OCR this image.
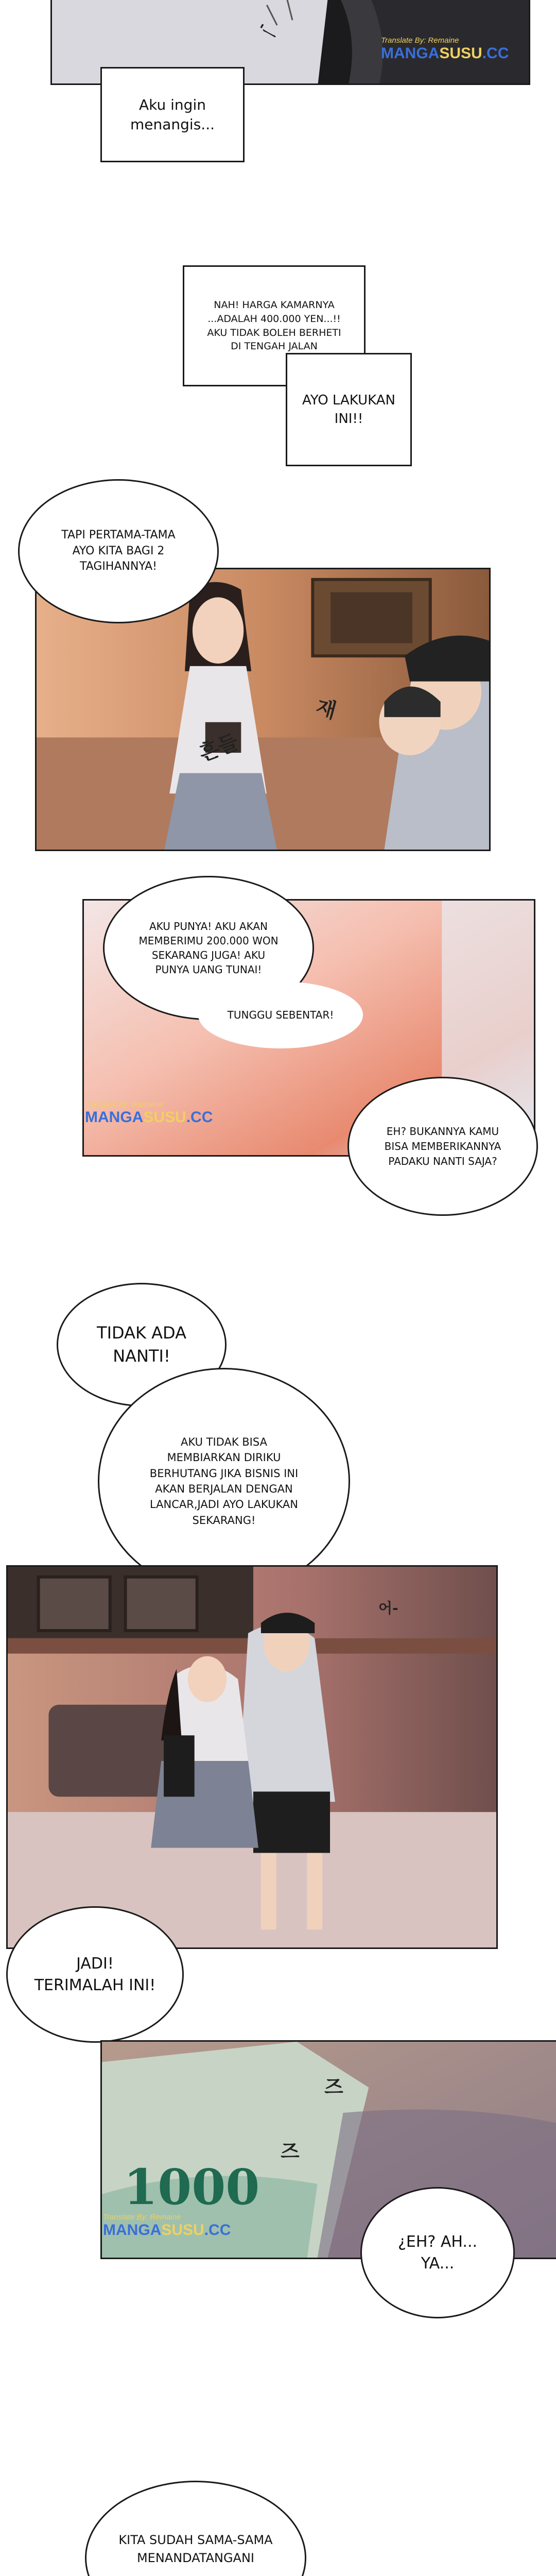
'ㅡ	Translate By: Remaine
MANGASUSU.CC
Aku ingin
menangis...
NAH! HARGA KAMARNYA
...ADALAH 400.000 YEN...!!
AKU TIDAK BOLEH BERHETI
DI TENGAH JALAN
AYO LAKUKAN
INI!!
흔들
재
TAPI PERTAMA-TAMA
AYO KITA BAGI 2
TAGIHANNYA!
AKU PUNYA! AKU AKAN
MEMBERIMU 200.000 WON
SEKARANG JUGA! AKU
PUNYA UANG TUNAI!
TUNGGU SEBENTAR!
Translate By: Remaine
MANGASUSU.CC
EH? BUKANNYA KAMU
BISA MEMBERIKANNYA
PADAKU NANTI SAJA?
TIDAK ADA
NANTI!
AKU TIDAK BISA
MEMBIARKAN DIRIKU
BERHUTANG JIKA BISNIS INI
AKAN BERJALAN DENGAN
LANCAR,JADI AYO LAKUKAN
SEKARANG!
어-
JADI!
TERIMALAH INI!
1000
즈
즈
Translate By: Remaine
MANGASUSU.CC
¿EH? AH...
YA...
KITA SUDAH SAMA-SAMA
MENANDATANGANI
